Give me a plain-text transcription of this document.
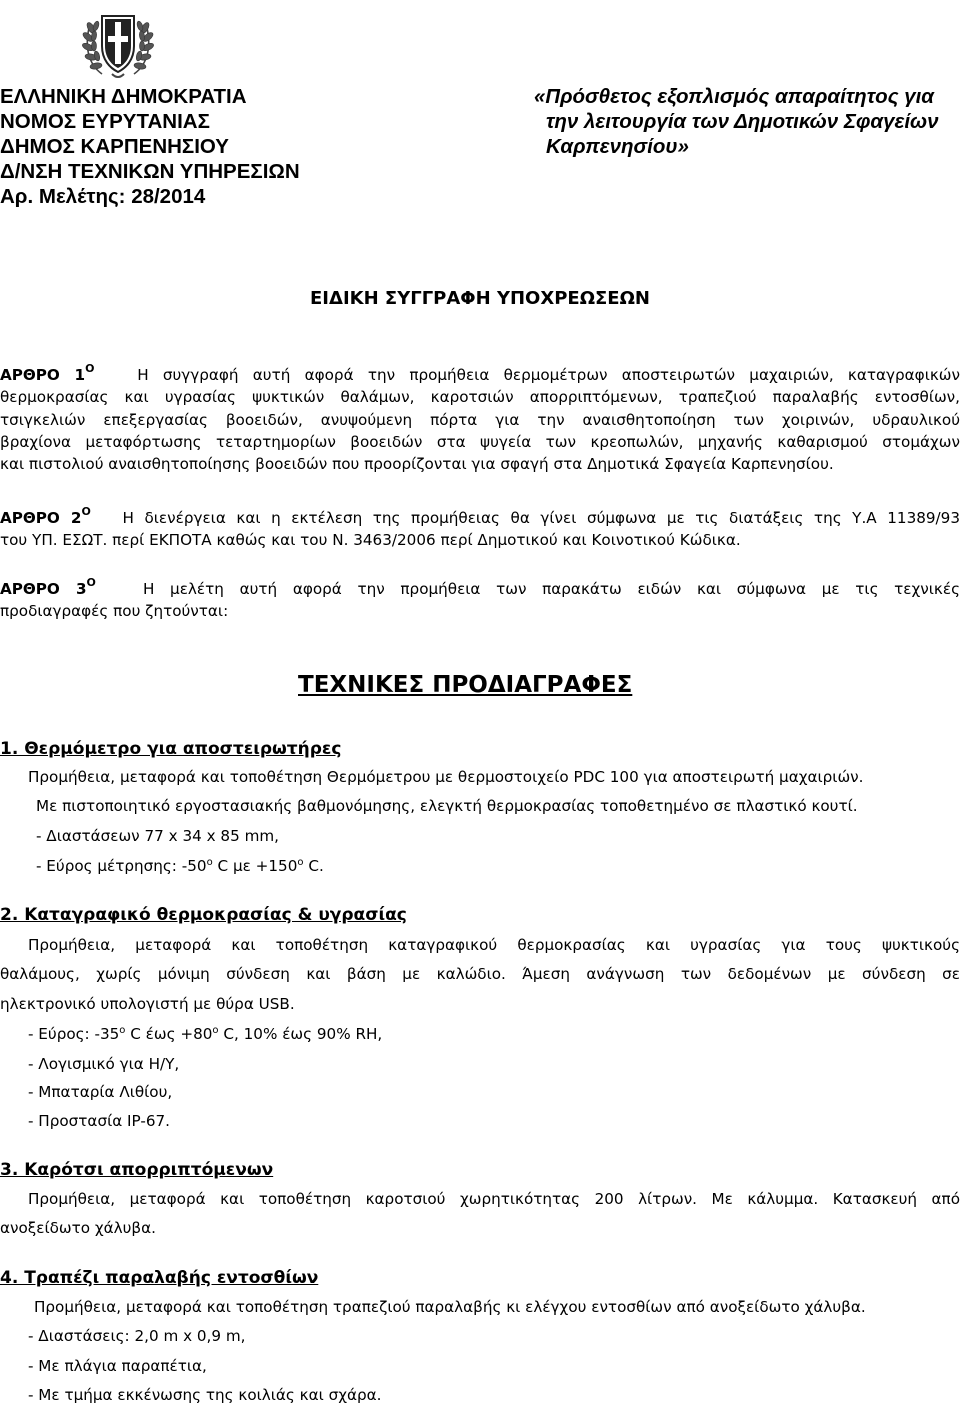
ΕΛΛΗΝΙΚΗ ΔΗΜΟΚΡΑΤΙΑ
ΝΟΜΟΣ ΕΥΡΥΤΑΝΙΑΣ
ΔΗΜΟΣ ΚΑΡΠΕΝΗΣΙΟΥ
Δ/ΝΣΗ ΤΕΧΝΙΚΩΝ ΥΠΗΡΕΣΙΩΝ
Αρ. Μελέτης: 28/2014
«Πρόσθετος εξοπλισμός απαραίτητος για
την λειτουργία των Δημοτικών Σφαγείων
Καρπενησίου»
ΕΙΔΙΚΗ ΣΥΓΓΡΑΦΗ ΥΠΟΧΡΕΩΣΕΩΝ
ΑΡΘΡΟ $1^O$	Η συγγραφή αυτή αφορά την προμήθεια θερμομέτρων αποστειρωτών μαχαιριών, καταγραφικών
θερμοκρασίας και υγρασίας ψυκτικών θαλάμων, καροτσιών απορριπτόμενων, τραπεζιού παραλαβής εντοσθίων,
τσιγκελιών επεξεργασίας βοοειδών, ανυψούμενη πόρτα για την αναισθητοποίηση των χοιρινών, υδραυλικού
βραχίονα μεταφόρτωσης τεταρτημορίων βοοειδών στα ψυγεία των κρεοπωλών, μηχανής καθαρισμού στομάχων
και πιστολιού αναισθητοποίησης βοοειδών που προορίζονται για σφαγή στα Δημοτικά Σφαγεία Καρπενησίου.
ΑΡΘΡΟ $2^O$ Η διενέργεια και η εκτέλεση της προμήθειας θα γίνει σύμφωνα με τις διατάξεις της Υ.Α 11389/93
του ΥΠ. ΕΣΩΤ. περί ΕΚΠΟΤΑ καθώς και του Ν. 3463/2006 περί Δημοτικού και Κοινοτικού Κώδικα.
ΑΡΘΡΟ $3^O$	Η μελέτη αυτή αφορά την προμήθεια των παρακάτω ειδών και σύμφωνα με τις τεχνικές
προδιαγραφές που ζητούνται:
ΤΕΧΝΙΚΕΣ ΠΡΟΔΙΑΓΡΑΦΕΣ
1. Θερμόμετρο για αποστειρωτήρες
Προμήθεια, μεταφορά και τοποθέτηση Θερμόμετρου με θερμοστοιχείο PDC 100 για αποστειρωτή μαχαιριών.
Με πιστοποιητικό εργοστασιακής βαθμονόμησης, ελεγκτή θερμοκρασίας τοποθετημένο σε πλαστικό κουτί.
- Διαστάσεων 77 x 34 x 85 mm,
- Εύρος μέτρησης: $-50^o$ C $\mu\varepsilon +150^o$ C.
2. Καταγραφικό θερμοκρασίας & υγρασίας
Προμήθεια, μεταφορά και τοποθέτηση καταγραφικού θερμοκρασίας και υγρασίας για τους ψυκτικούς
θαλάμους, χωρίς μόνιμη σύνδεση και βάση με καλώδιο. Άμεση ανάγνωση των δεδομένων με σύνδεση σε
ηλεκτρονικό υπολογιστή με θύρα USB.
- Εύρος: $-35^o$ C $έ\omega\varsigma +80^o$ C, 10% έως 90% RH,
- Λογισμικό για Η/Υ,
- Μπαταρία Λιθίου,
- Προστασία IP-67.
3. Καρότσι απορριπτόμενων
Προμήθεια, μεταφορά και τοποθέτηση καροτσιού χωρητικότητας 200 λίτρων. Με κάλυμμα. Κατασκευή από
ανοξείδωτο χάλυβα.
4. Τραπέζι παραλαβής εντοσθίων
Προμήθεια, μεταφορά και τοποθέτηση τραπεζιού παραλαβής κι ελέγχου εντοσθίων από ανοξείδωτο χάλυβα.
- Διαστάσεις: 2,0 m x 0,9 m,
- Με πλάγια παραπέτια,
- Με τμήμα εκκένωσης της κοιλιάς και σχάρα.
